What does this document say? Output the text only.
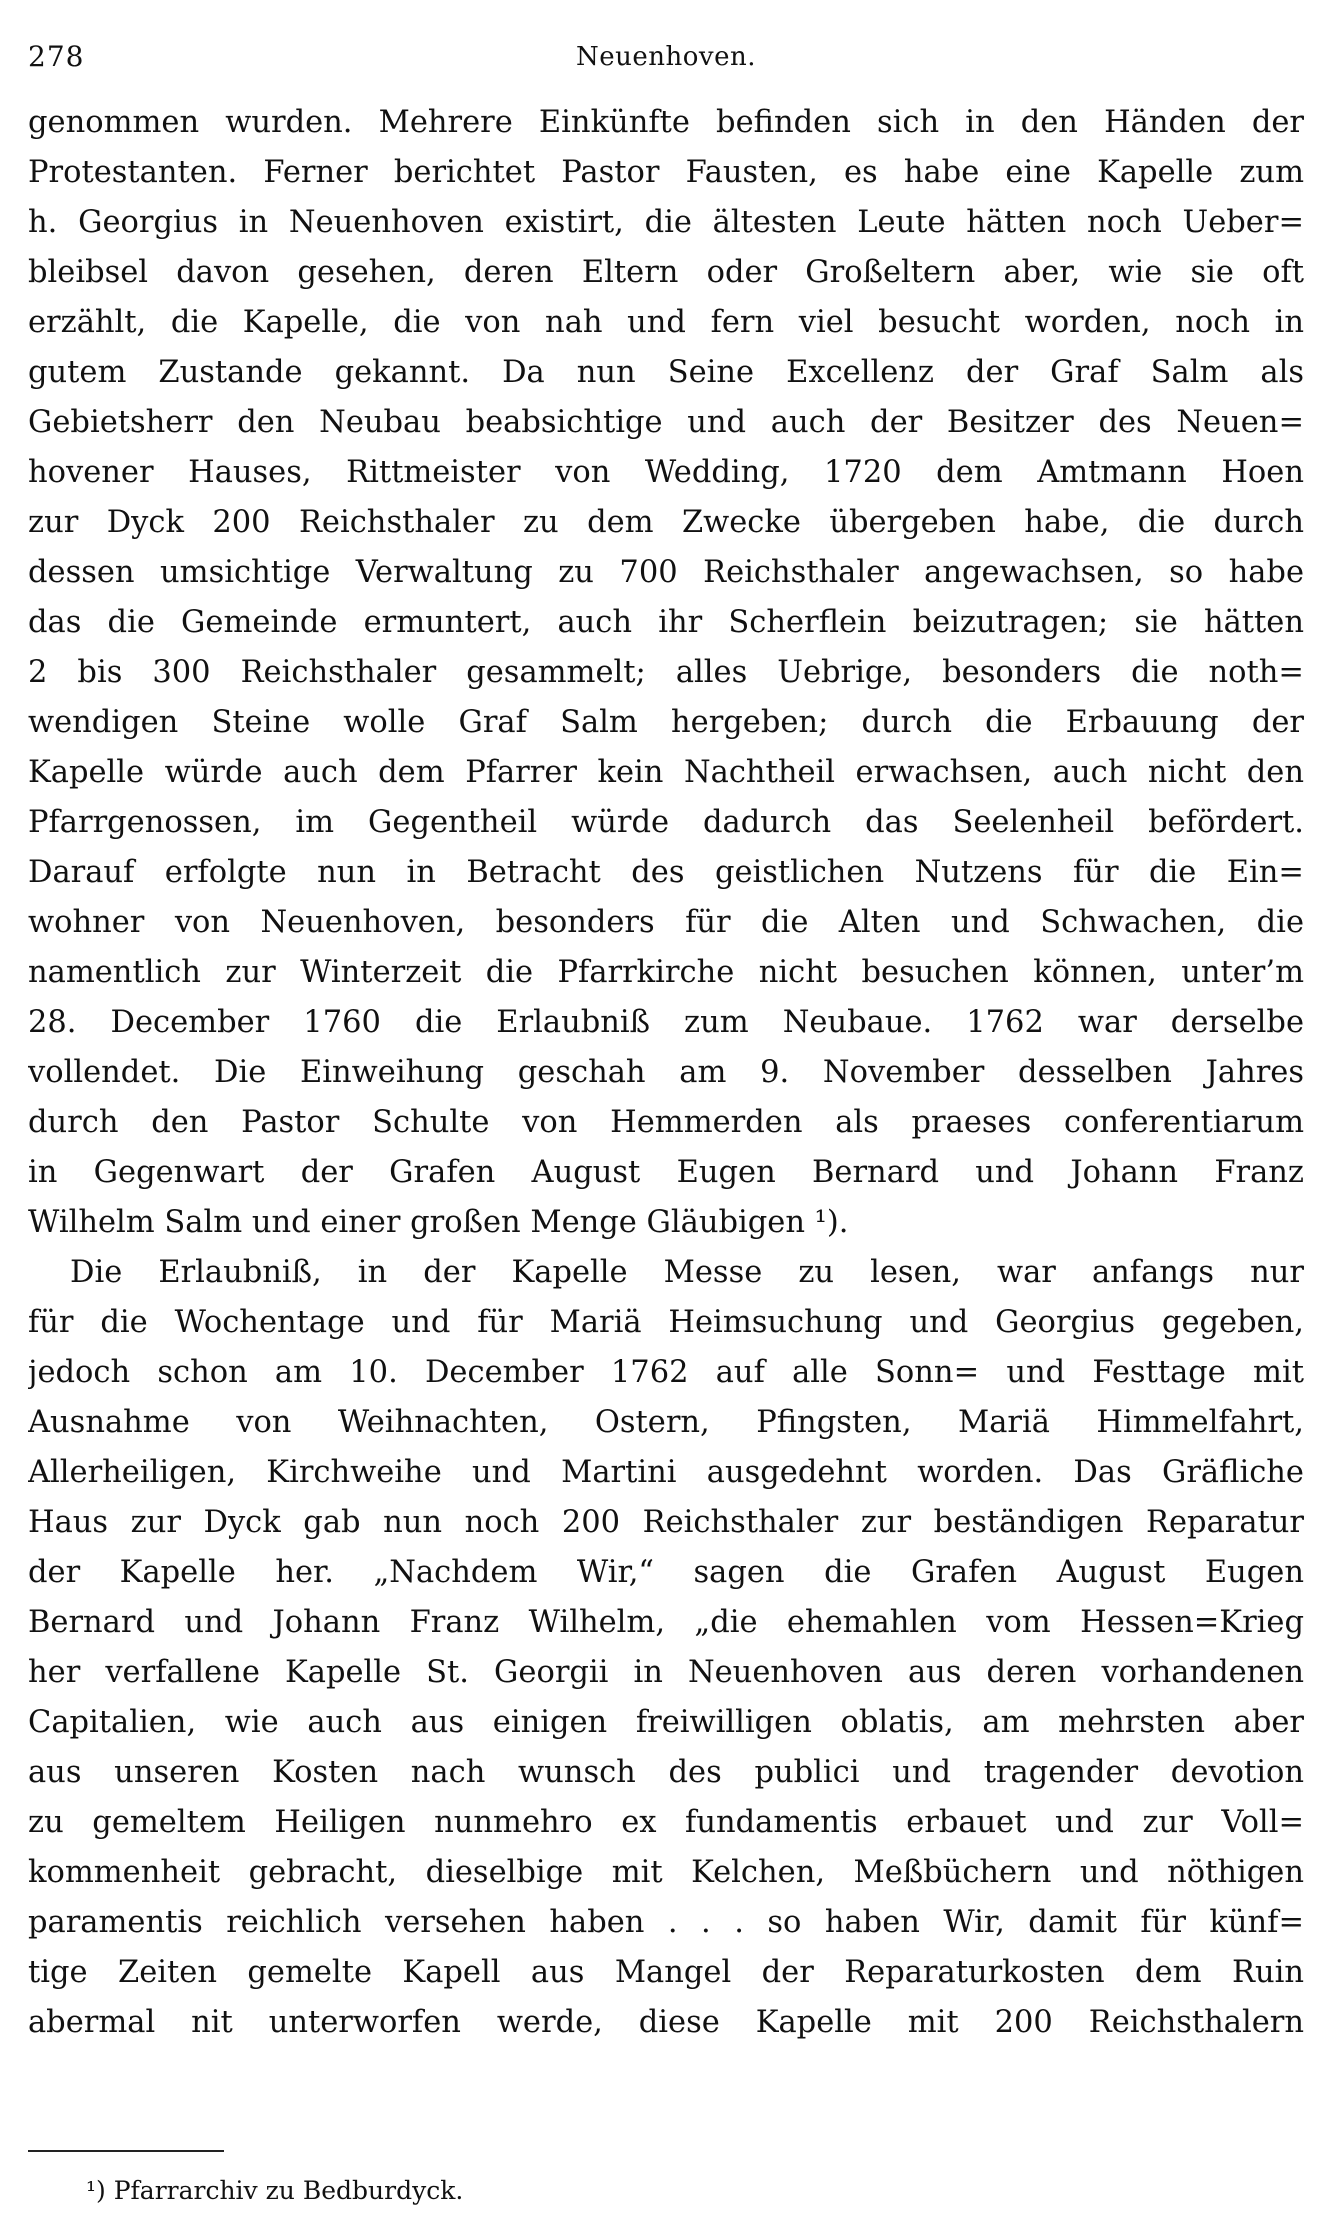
278	Neuenhoven.
genommen wurden. Mehrere Einkünfte befinden sich in den Händen der
Protestanten. Ferner berichtet Pastor Fausten, es habe eine Kapelle zum
h. Georgius in Neuenhoven existirt, die ältesten Leute hätten noch Ueber=
bleibsel davon gesehen, deren Eltern oder Großeltern aber, wie sie oft
erzählt, die Kapelle, die von nah und fern viel besucht worden, noch in
gutem Zustande gekannt. Da nun Seine Excellenz der Graf Salm als
Gebietsherr den Neubau beabsichtige und auch der Besitzer des Neuen=
hovener Hauses, Rittmeister von Wedding, 1720 dem Amtmann Hoen
zur Dyck 200 Reichsthaler zu dem Zwecke übergeben habe, die durch
dessen umsichtige Verwaltung zu 700 Reichsthaler angewachsen, so habe
das die Gemeinde ermuntert, auch ihr Scherflein beizutragen; sie hätten
2 bis 300 Reichsthaler gesammelt; alles Uebrige, besonders die noth=
wendigen Steine wolle Graf Salm hergeben; durch die Erbauung der
Kapelle würde auch dem Pfarrer kein Nachtheil erwachsen, auch nicht den
Pfarrgenossen, im Gegentheil würde dadurch das Seelenheil befördert.
Darauf erfolgte nun in Betracht des geistlichen Nutzens für die Ein=
wohner von Neuenhoven, besonders für die Alten und Schwachen, die
namentlich zur Winterzeit die Pfarrkirche nicht besuchen können, unter’m
28. December 1760 die Erlaubniß zum Neubaue. 1762 war derselbe
vollendet. Die Einweihung geschah am 9. November desselben Jahres
durch den Pastor Schulte von Hemmerden als praeses conferentiarum
in Gegenwart der Grafen August Eugen Bernard und Johann Franz
Wilhelm Salm und einer großen Menge Gläubigen ¹).
Die Erlaubniß, in der Kapelle Messe zu lesen, war anfangs nur
für die Wochentage und für Mariä Heimsuchung und Georgius gegeben,
jedoch schon am 10. December 1762 auf alle Sonn= und Festtage mit
Ausnahme von Weihnachten, Ostern, Pfingsten, Mariä Himmelfahrt,
Allerheiligen, Kirchweihe und Martini ausgedehnt worden. Das Gräfliche
Haus zur Dyck gab nun noch 200 Reichsthaler zur beständigen Reparatur
der Kapelle her. „Nachdem Wir,“ sagen die Grafen August Eugen
Bernard und Johann Franz Wilhelm, „die ehemahlen vom Hessen=Krieg
her verfallene Kapelle St. Georgii in Neuenhoven aus deren vorhandenen
Capitalien, wie auch aus einigen freiwilligen oblatis, am mehrsten aber
aus unseren Kosten nach wunsch des publici und tragender devotion
zu gemeltem Heiligen nunmehro ex fundamentis erbauet und zur Voll=
kommenheit gebracht, dieselbige mit Kelchen, Meßbüchern und nöthigen
paramentis reichlich versehen haben . . . so haben Wir, damit für künf=
tige Zeiten gemelte Kapell aus Mangel der Reparaturkosten dem Ruin
abermal nit unterworfen werde, diese Kapelle mit 200 Reichsthalern
¹) Pfarrarchiv zu Bedburdyck.
